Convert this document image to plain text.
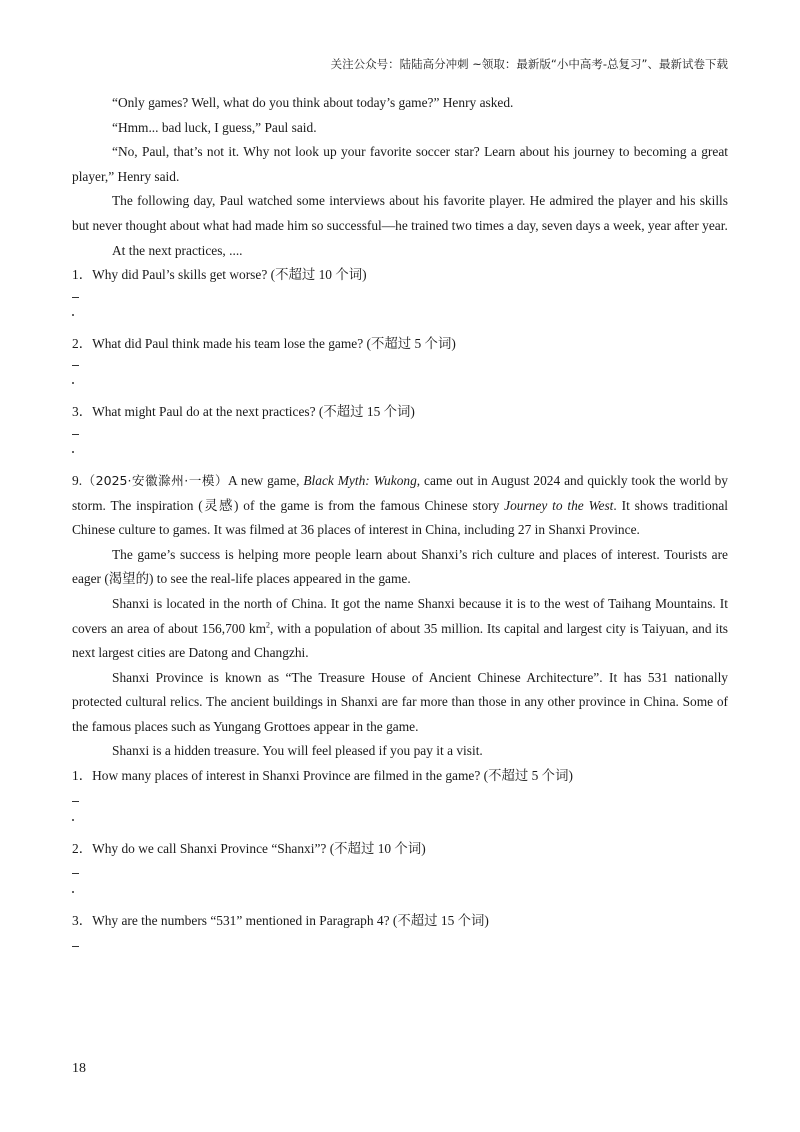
关注公众号：陆陆高分冲刺 ~领取：最新版“小中高考-总复习”、最新试卷下载

“Only games? Well, what do you think about today’s game?” Henry asked.

“Hmm... bad luck, I guess,” Paul said.

“No, Paul, that’s not it. Why not look up your favorite soccer star? Learn about his journey to becoming a great player,” Henry said.

The following day, Paul watched some interviews about his favorite player. He admired the player and his skills but never thought about what had made him so successful—he trained two times a day, seven days a week, year after year.

At the next practices, ....

1．Why did Paul’s skills get worse? (不超过 10 个词)

2．What did Paul think made his team lose the game? (不超过 5 个词)

3．What might Paul do at the next practices? (不超过 15 个词)

9.（2025·安徽滁州·一模）A new game, Black Myth: Wukong, came out in August 2024 and quickly took the world by storm. The inspiration (灵感) of the game is from the famous Chinese story Journey to the West. It shows traditional Chinese culture to games. It was filmed at 36 places of interest in China, including 27 in Shanxi Province.

The game’s success is helping more people learn about Shanxi’s rich culture and places of interest. Tourists are eager (渴望的) to see the real-life places appeared in the game.

Shanxi is located in the north of China. It got the name Shanxi because it is to the west of Taihang Mountains. It covers an area of about 156,700 $km^2$, with a population of about 35 million. Its capital and largest city is Taiyuan, and its next largest cities are Datong and Changzhi.

Shanxi Province is known as “The Treasure House of Ancient Chinese Architecture”. It has 531 nationally protected cultural relics. The ancient buildings in Shanxi are far more than those in any other province in China. Some of the famous places such as Yungang Grottoes appear in the game.

Shanxi is a hidden treasure. You will feel pleased if you pay it a visit.

1．How many places of interest in Shanxi Province are filmed in the game? (不超过 5 个词)

2．Why do we call Shanxi Province “Shanxi”? (不超过 10 个词)

3．Why are the numbers “531” mentioned in Paragraph 4? (不超过 15 个词)

18
